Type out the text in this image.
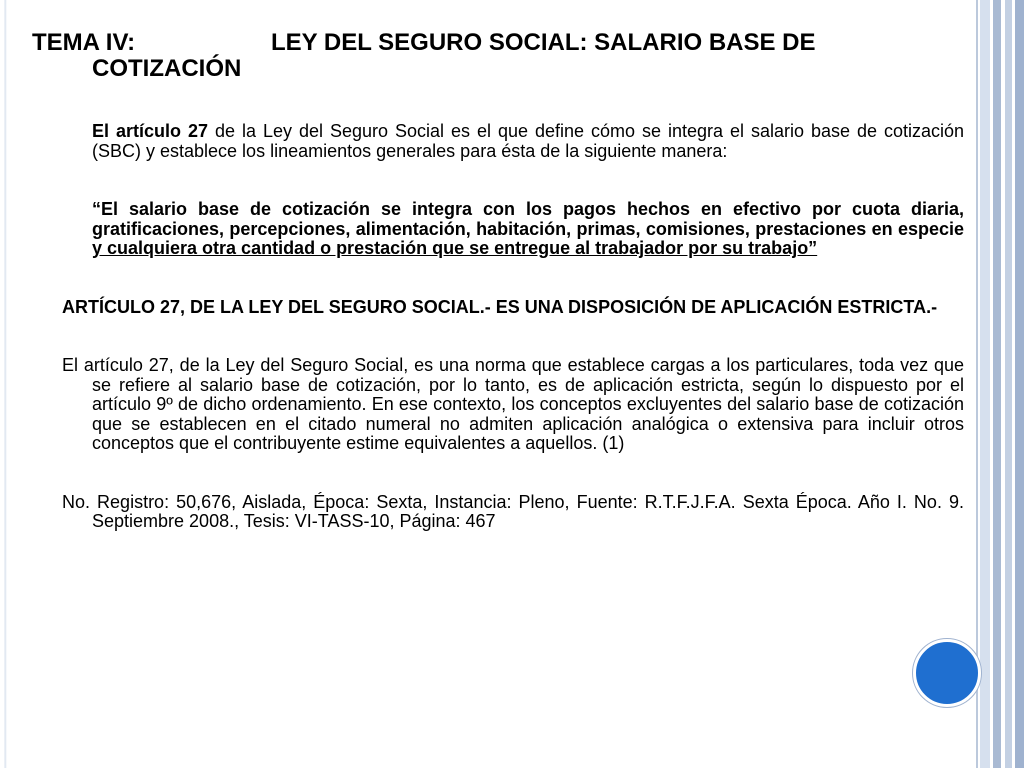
TEMA IV:	LEY DEL SEGURO SOCIAL: SALARIO BASE DE COTIZACIÓN

El artículo 27 de la Ley del Seguro Social es el que define cómo se integra el salario base de cotización (SBC) y establece los lineamientos generales para ésta de la siguiente manera:

“El salario base de cotización se integra con los pagos hechos en efectivo por cuota diaria, gratificaciones, percepciones, alimentación, habitación, primas, comisiones, prestaciones en especie y cualquiera otra cantidad o prestación que se entregue al trabajador por su trabajo”

ARTÍCULO 27, DE LA LEY DEL SEGURO SOCIAL.- ES UNA DISPOSICIÓN DE APLICACIÓN ESTRICTA.-

El artículo 27, de la Ley del Seguro Social, es una norma que establece cargas a los particulares, toda vez que se refiere al salario base de cotización, por lo tanto, es de aplicación estricta, según lo dispuesto por el artículo 9º de dicho ordenamiento. En ese contexto, los conceptos excluyentes del salario base de cotización que se establecen en el citado numeral no admiten aplicación analógica o extensiva para incluir otros conceptos que el contribuyente estime equivalentes a aquellos. (1)

No. Registro: 50,676, Aislada, Época: Sexta, Instancia: Pleno, Fuente: R.T.F.J.F.A. Sexta Época. Año I. No. 9. Septiembre 2008., Tesis: VI-TASS-10, Página: 467
